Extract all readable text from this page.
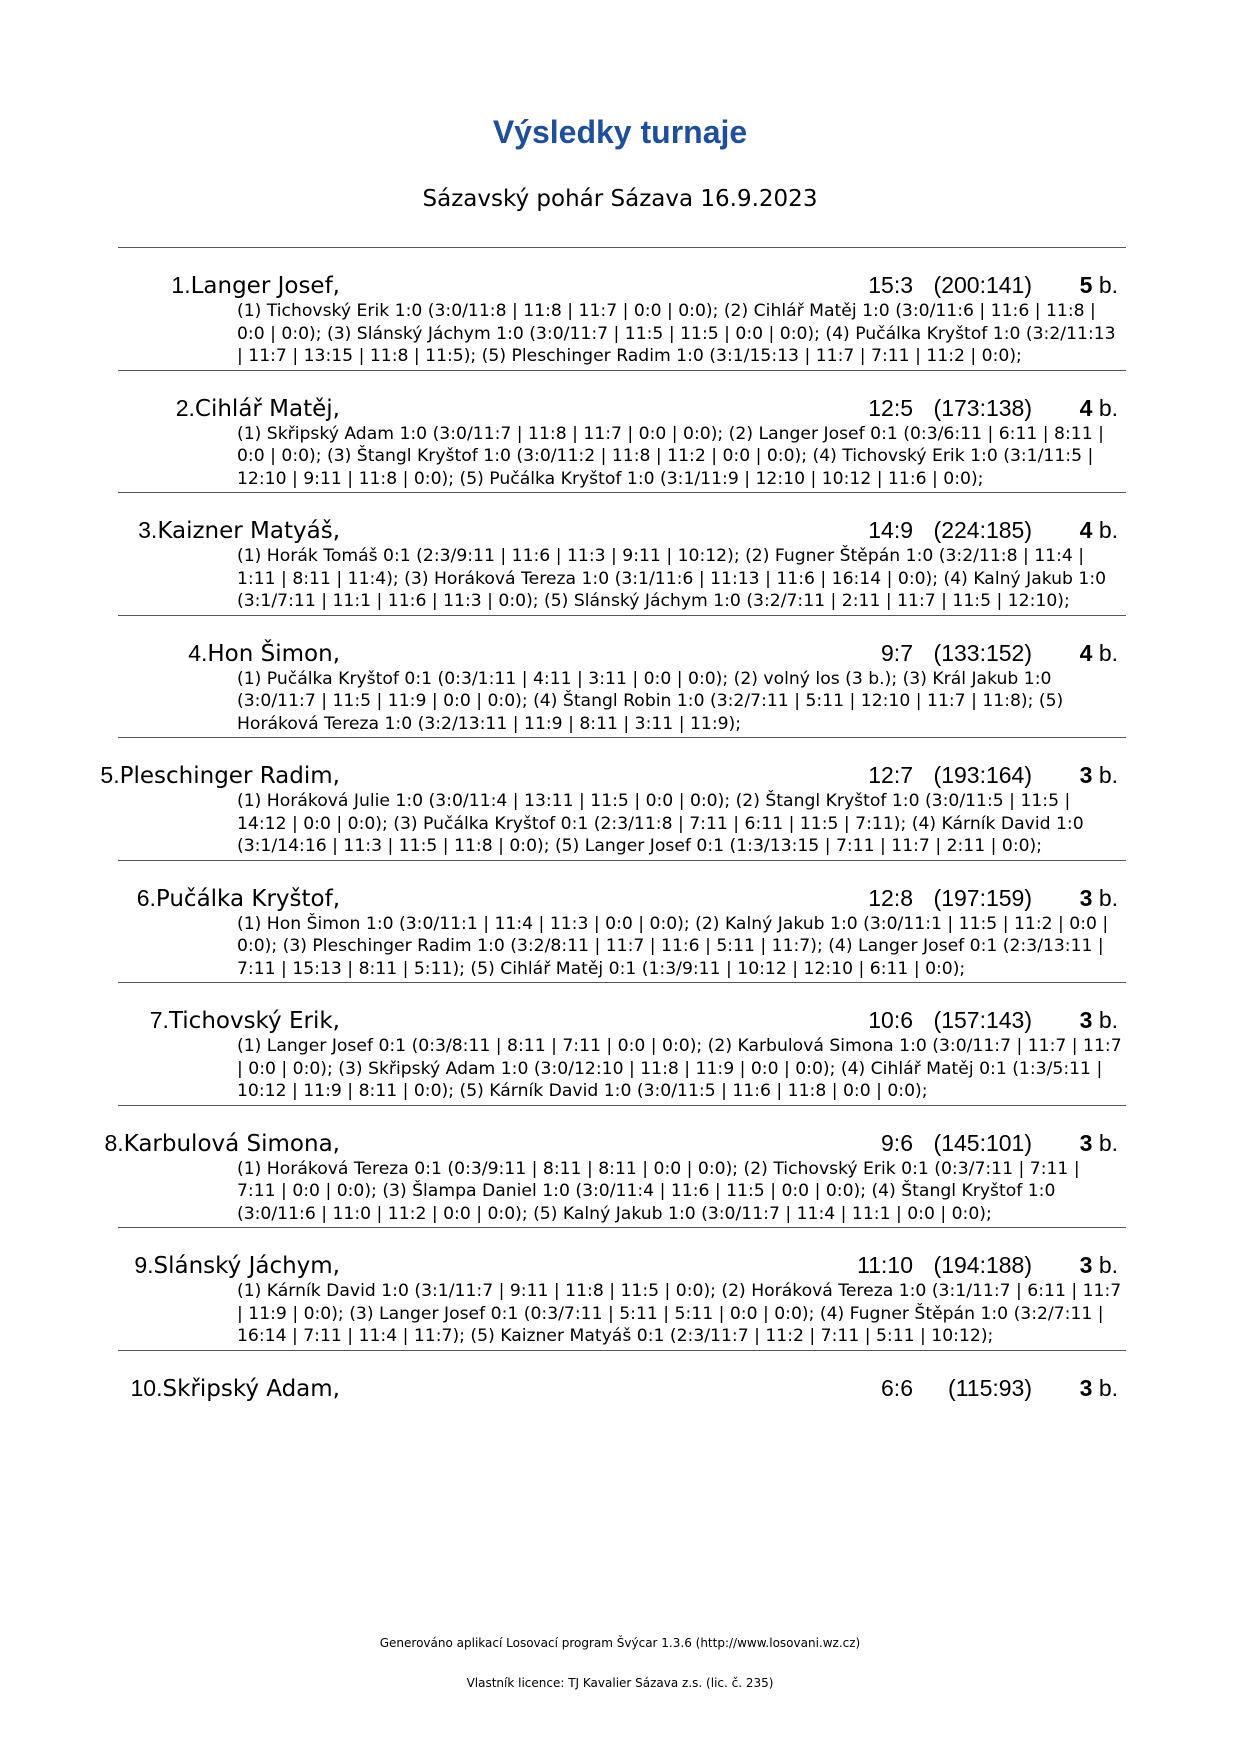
Výsledky turnaje
Sázavský pohár Sázava 16.9.2023
1.Langer Josef,	15:3 (200:141) 5 b.
(1) Tichovský Erik 1:0 (3:0/11:8 | 11:8 | 11:7 | 0:0 | 0:0); (2) Cihlář Matěj 1:0 (3:0/11:6 | 11:6 | 11:8 | 0:0 | 0:0); (3) Slánský Jáchym 1:0 (3:0/11:7 | 11:5 | 11:5 | 0:0 | 0:0); (4) Pučálka Kryštof 1:0 (3:2/11:13 | 11:7 | 13:15 | 11:8 | 11:5); (5) Pleschinger Radim 1:0 (3:1/15:13 | 11:7 | 7:11 | 11:2 | 0:0);
2.Cihlář Matěj,	12:5 (173:138) 4 b.
(1) Skřipský Adam 1:0 (3:0/11:7 | 11:8 | 11:7 | 0:0 | 0:0); (2) Langer Josef 0:1 (0:3/6:11 | 6:11 | 8:11 | 0:0 | 0:0); (3) Štangl Kryštof 1:0 (3:0/11:2 | 11:8 | 11:2 | 0:0 | 0:0); (4) Tichovský Erik 1:0 (3:1/11:5 | 12:10 | 9:11 | 11:8 | 0:0); (5) Pučálka Kryštof 1:0 (3:1/11:9 | 12:10 | 10:12 | 11:6 | 0:0);
3.Kaizner Matyáš,	14:9 (224:185) 4 b.
(1) Horák Tomáš 0:1 (2:3/9:11 | 11:6 | 11:3 | 9:11 | 10:12); (2) Fugner Štěpán 1:0 (3:2/11:8 | 11:4 | 1:11 | 8:11 | 11:4); (3) Horáková Tereza 1:0 (3:1/11:6 | 11:13 | 11:6 | 16:14 | 0:0); (4) Kalný Jakub 1:0 (3:1/7:11 | 11:1 | 11:6 | 11:3 | 0:0); (5) Slánský Jáchym 1:0 (3:2/7:11 | 2:11 | 11:7 | 11:5 | 12:10);
4.Hon Šimon,	9:7 (133:152) 4 b.
(1) Pučálka Kryštof 0:1 (0:3/1:11 | 4:11 | 3:11 | 0:0 | 0:0); (2) volný los (3 b.); (3) Král Jakub 1:0 (3:0/11:7 | 11:5 | 11:9 | 0:0 | 0:0); (4) Štangl Robin 1:0 (3:2/7:11 | 5:11 | 12:10 | 11:7 | 11:8); (5) Horáková Tereza 1:0 (3:2/13:11 | 11:9 | 8:11 | 3:11 | 11:9);
5.Pleschinger Radim,	12:7 (193:164) 3 b.
(1) Horáková Julie 1:0 (3:0/11:4 | 13:11 | 11:5 | 0:0 | 0:0); (2) Štangl Kryštof 1:0 (3:0/11:5 | 11:5 | 14:12 | 0:0 | 0:0); (3) Pučálka Kryštof 0:1 (2:3/11:8 | 7:11 | 6:11 | 11:5 | 7:11); (4) Kárník David 1:0 (3:1/14:16 | 11:3 | 11:5 | 11:8 | 0:0); (5) Langer Josef 0:1 (1:3/13:15 | 7:11 | 11:7 | 2:11 | 0:0);
6.Pučálka Kryštof,	12:8 (197:159) 3 b.
(1) Hon Šimon 1:0 (3:0/11:1 | 11:4 | 11:3 | 0:0 | 0:0); (2) Kalný Jakub 1:0 (3:0/11:1 | 11:5 | 11:2 | 0:0 | 0:0); (3) Pleschinger Radim 1:0 (3:2/8:11 | 11:7 | 11:6 | 5:11 | 11:7); (4) Langer Josef 0:1 (2:3/13:11 | 7:11 | 15:13 | 8:11 | 5:11); (5) Cihlář Matěj 0:1 (1:3/9:11 | 10:12 | 12:10 | 6:11 | 0:0);
7.Tichovský Erik,	10:6 (157:143) 3 b.
(1) Langer Josef 0:1 (0:3/8:11 | 8:11 | 7:11 | 0:0 | 0:0); (2) Karbulová Simona 1:0 (3:0/11:7 | 11:7 | 11:7 | 0:0 | 0:0); (3) Skřipský Adam 1:0 (3:0/12:10 | 11:8 | 11:9 | 0:0 | 0:0); (4) Cihlář Matěj 0:1 (1:3/5:11 | 10:12 | 11:9 | 8:11 | 0:0); (5) Kárník David 1:0 (3:0/11:5 | 11:6 | 11:8 | 0:0 | 0:0);
8.Karbulová Simona,	9:6 (145:101) 3 b.
(1) Horáková Tereza 0:1 (0:3/9:11 | 8:11 | 8:11 | 0:0 | 0:0); (2) Tichovský Erik 0:1 (0:3/7:11 | 7:11 | 7:11 | 0:0 | 0:0); (3) Šlampa Daniel 1:0 (3:0/11:4 | 11:6 | 11:5 | 0:0 | 0:0); (4) Štangl Kryštof 1:0 (3:0/11:6 | 11:0 | 11:2 | 0:0 | 0:0); (5) Kalný Jakub 1:0 (3:0/11:7 | 11:4 | 11:1 | 0:0 | 0:0);
9.Slánský Jáchym,	11:10 (194:188) 3 b.
(1) Kárník David 1:0 (3:1/11:7 | 9:11 | 11:8 | 11:5 | 0:0); (2) Horáková Tereza 1:0 (3:1/11:7 | 6:11 | 11:7 | 11:9 | 0:0); (3) Langer Josef 0:1 (0:3/7:11 | 5:11 | 5:11 | 0:0 | 0:0); (4) Fugner Štěpán 1:0 (3:2/7:11 | 16:14 | 7:11 | 11:4 | 11:7); (5) Kaizner Matyáš 0:1 (2:3/11:7 | 11:2 | 7:11 | 5:11 | 10:12);
10.Skřipský Adam,	6:6 (115:93) 3 b.
Generováno aplikací Losovací program Švýcar 1.3.6 (http://www.losovani.wz.cz)
Vlastník licence: TJ Kavalier Sázava z.s. (lic. č. 235)
